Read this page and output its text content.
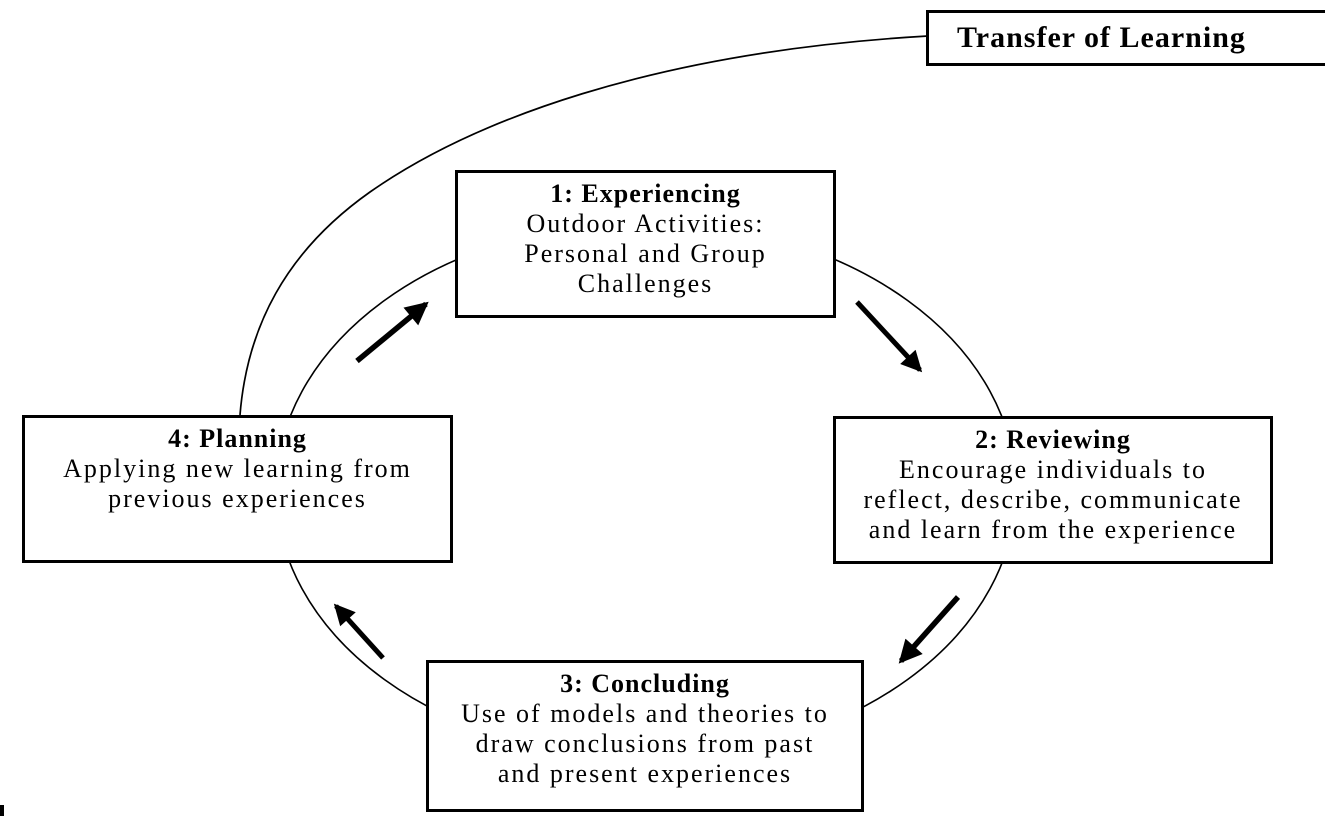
Transfer of Learning
1: Experiencing
Outdoor Activities:
Personal and Group
Challenges
2: Reviewing
Encourage individuals to
reflect, describe, communicate
and learn from the experience
3: Concluding
Use of models and theories to
draw conclusions from past
and present experiences
4: Planning
Applying new learning from
previous experiences
